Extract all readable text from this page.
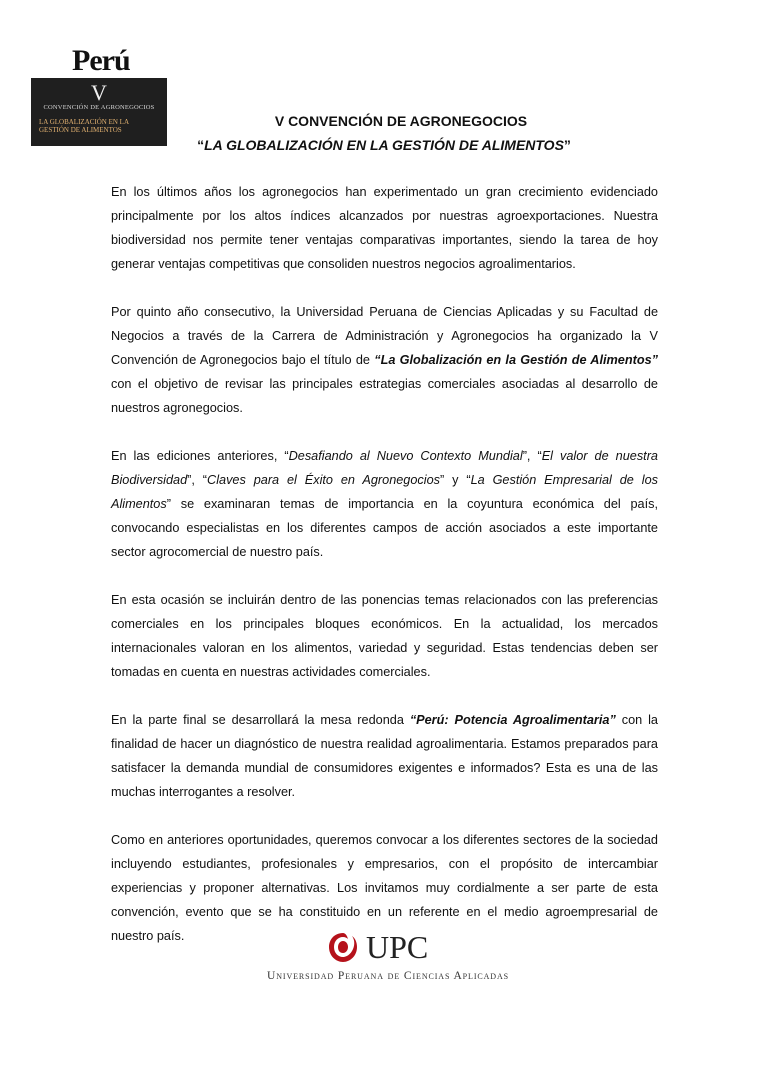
Perú
V
CONVENCIÓN DE AGRONEGOCIOS
LA GLOBALIZACIÓN EN LA
GESTIÓN DE ALIMENTOS
V CONVENCIÓN DE AGRONEGOCIOS
“LA GLOBALIZACIÓN EN LA GESTIÓN DE ALIMENTOS”

En los últimos años los agronegocios han experimentado un gran crecimiento evidenciado principalmente por los altos índices alcanzados por nuestras agroexportaciones. Nuestra biodiversidad nos permite tener ventajas comparativas importantes, siendo la tarea de hoy generar ventajas competitivas que consoliden nuestros negocios agroalimentarios.

Por quinto año consecutivo, la Universidad Peruana de Ciencias Aplicadas y su Facultad de Negocios a través de la Carrera de Administración y Agronegocios ha organizado la V Convención de Agronegocios bajo el título de “La Globalización en la Gestión de Alimentos” con el objetivo de revisar las principales estrategias comerciales asociadas al desarrollo de nuestros agronegocios.

En las ediciones anteriores, “Desafiando al Nuevo Contexto Mundial”, “El valor de nuestra Biodiversidad”, “Claves para el Éxito en Agronegocios” y “La Gestión Empresarial de los Alimentos” se examinaran temas de importancia en la coyuntura económica del país, convocando especialistas en los diferentes campos de acción asociados a este importante sector agrocomercial de nuestro país.

En esta ocasión se incluirán dentro de las ponencias temas relacionados con las preferencias comerciales en los principales bloques económicos. En la actualidad, los mercados internacionales valoran en los alimentos, variedad y seguridad. Estas tendencias deben ser tomadas en cuenta en nuestras actividades comerciales.

En la parte final se desarrollará la mesa redonda “Perú: Potencia Agroalimentaria” con la finalidad de hacer un diagnóstico de nuestra realidad agroalimentaria. Estamos preparados para satisfacer la demanda mundial de consumidores exigentes e informados? Esta es una de las muchas interrogantes a resolver.

Como en anteriores oportunidades, queremos convocar a los diferentes sectores de la sociedad incluyendo estudiantes, profesionales y empresarios, con el propósito de intercambiar experiencias y proponer alternativas. Los invitamos muy cordialmente a ser parte de esta convención, evento que se ha constituido en un referente en el medio agroempresarial de nuestro país.	UPC
Universidad Peruana de Ciencias Aplicadas
